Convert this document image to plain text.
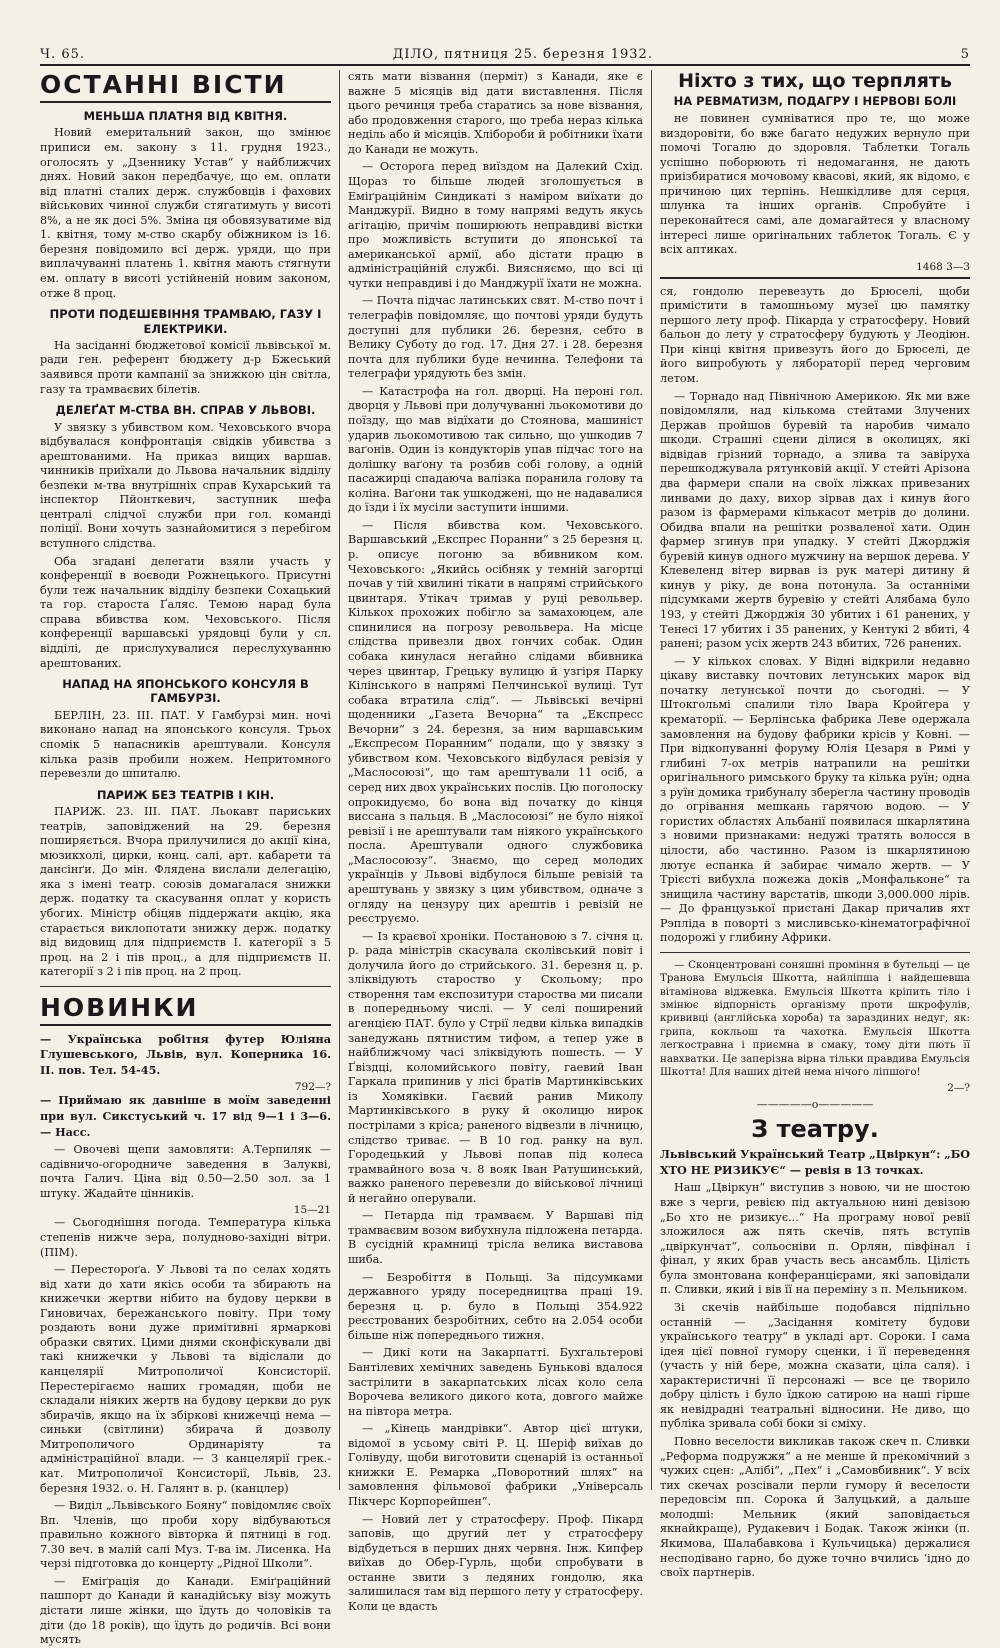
Ч. 65.	ДІЛО, пятниця 25. березня 1932.	5
ОСТАННІ ВІСТИ
МЕНЬША ПЛАТНЯ ВІД КВІТНЯ.

Новий емеритальний закон, що змінює приписи ем. закону з 11. грудня 1923., оголосять у „Дзеннику Устав“ у найближчих днях. Новий закон передбачує, що ем. оплати від платні сталих держ. службовців і фахових військових чинної служби стягатимуть у висоті 8%, а не як досі 5%. Зміна ця обовязуватиме від 1. квітня, тому м-ство скарбу обіжником із 16. березня повідомило всі держ. уряди, що при виплачуванні платень 1. квітня мають стягнути ем. оплату в висоті устійненій новим законом, отже 8 проц.

ПРОТИ ПОДЕШЕВІННЯ ТРАМВАЮ, ГАЗУ І ЕЛЕКТРИКИ.

На засіданні бюджетової комісії львівської м. ради ген. референт бюджету д-р Бжеський заявився проти кампанії за знижкою цін світла, газу та трамваєвих білетів.

ДЕЛЕҐАТ М-СТВА ВН. СПРАВ У ЛЬВОВІ.

У звязку з убивством ком. Чеховського вчора відбувалася конфронтація свідків убивства з арештованими. На приказ вищих варшав. чинників приїхали до Львова начальник відділу безпеки м-тва внутрішніх справ Кухарський та інспектор Пйонткевич, заступник шефа централі слідчої служби при гол. команді поліції. Вони хочуть зазнайомитися з перебігом вступного слідства.

Оба згадані делегати взяли участь у конференції в воєводи Рожнецького. Присутні були теж начальник відділу безпеки Сохацький та гор. староста Ґаляс. Темою нарад була справа вбивства ком. Чеховського. Після конференції варшавські урядовці були у сл. відділі, де приcлухувалися переслухуванню арештованих.

НАПАД НА ЯПОНСЬКОГО КОНСУЛЯ В ГАМБУРЗІ.

БЕРЛІН, 23. III. ПАТ. У Гамбурзі мин. ночі виконано напад на японського консуля. Трьох спомік 5 напасників арештували. Консуля кілька разів пробили ножем. Непритомного перевезли до шпиталю.

ПАРИЖ БЕЗ ТЕАТРІВ І КІН.

ПАРИЖ. 23. III. ПАТ. Льокавт париських театрів, заповіджений на 29. березня поширяється. Вчора прилучилися до акції кіна, мюзикхолі, цирки, конц. салі, арт. кабарети та дансінґи. До мін. Флядена вислали делегацію, яка з імені театр. союзів домагалася знижки держ. податку та скасування оплат у користь убогих. Міністр обіцяв піддержати акцію, яка старається виклопотати знижку держ. податку від видовищ для підприємств І. категорії з 5 проц. на 2 і пів проц., а для підприємств ІІ. категорії з 2 і пів проц. на 2 проц.

НОВИНКИ

— Українська робітня футер Юліяна Глушевського, Львів, вул. Коперника 16. ІІ. пов. Тел. 54-45.

792—?

— Приймаю як давніше в моїм заведенні при вул. Сикстуський ч. 17 від 9—1 і 3—6. — Насс.

— Овочеві щепи замовляти: А.Терпиляк — садівничо-огородниче заведення в Залукві, почта Галич. Ціна від 0.50—2.50 зол. за 1 штуку. Жадайте цінників.

15—21

— Сьогоднішня погода. Температура кілька степенів нижче зера, полудново-західні вітри. (ПІМ).

— Перестороґа. У Львові та по селах ходять від хати до хати якісь особи та збирають на книжечки жертви нібито на будову церкви в Гиновичах, бережанського повіту. При тому роздають вони дуже примітивні ярмаркові образки святих. Цими днями сконфіскували дві такі книжечки у Львові та відіслали до канцелярії Митрополичої Консисторії. Перестерігаємо наших громадян, щоби не складали ніяких жертв на будову церкви до рук збирачів, якщо на їх збіркові книжечці нема — синьки (світлини) збирача й дозволу Митрополичого Ординаріяту та адміністраційної влади. — З канцелярії грек.-кат. Митрополичої Консисторії, Львів, 23. березня 1932. о. Н. Галянт в. р. (канцлер)

— Виділ „Львівського Бояну“ повідомляє своїх Вп. Членів, що проби хору відбуваються правильно кожного вівторка й пятниці в год. 7.30 веч. в малій салі Муз. Т-ва ім. Лисенка. На черзі підготовка до концерту „Рідної Школи“.

— Еміґрація до Канади. Еміґраційний пашпорт до Канади й канадійську візу можуть дістати лише жінки, що їдуть до чоловіків та діти (до 18 років), що їдуть до родичів. Всі вони мусять

сять мати візвання (перміт) з Канади, яке є важне 5 місяців від дати виставлення. Після цього речинця треба старатись за нове візвання, або продовження старого, що треба нераз кілька неділь або й місяців. Хлібороби й робітники їхати до Канади не можуть.

— Осторога перед виїздом на Далекий Схід. Щораз то більше людей зголошується в Еміґраційнім Синдикаті з наміром виїхати до Манджурії. Видно в тому напрямі ведуть якусь агітацію, причім поширюють неправдиві вістки про можливість вступити до японської та американської армії, або дістати працю в адміністраційній службі. Виясняємо, що всі ці чутки неправдиві і до Манджурії їхати не можна.

— Почта підчас латинських свят. М-ство почт і телеграфів повідомляє, що почтові уряди будуть доступні для публики 26. березня, себто в Велику Суботу до год. 17. Дня 27. і 28. березня почта для публики буде нечинна. Телефони та телеграфи урядують без змін.

— Катастрофа на гол. дворці. На пероні гол. дворця у Львові при долучуванні льокомотиви до поїзду, що мав відїхати до Стоянова, машиніст ударив льокомотивою так сильно, що ушкодив 7 ваґонів. Один із кондукторів упав підчас того на долішку ваґону та розбив собі голову, а одній пасажирці спадаюча валізка поранила голову та коліна. Ваґони так ушкоджені, що не надавалися до їзди і їх мусіли заступити іншими.

— Після вбивства ком. Чеховського. Варшавський „Експрес Поранни“ з 25 березня ц. р. описує погоню за вбивником ком. Чеховського: „Якийсь осібняк у темній загортці почав у тій хвилині тікати в напрямі стрийського цвинтаря. Утікач тримав у руці револьвер. Кількох прохожих побігло за замахоюцем, але спинилися на погрозу револьвера. На місце слідства привезли двох гончих собак. Один собака кинулася негайно слідами вбивника через цвинтар, Грецьку вулицю й узгіря Парку Кілінського в напрямі Пелчинської вулиці. Тут собака втратила слід“. — Львівські вечірні щоденники „Газета Вечорна“ та „Експресс Вечорни“ з 24. березня, за ним варшавським „Експресом Поранним“ подали, що у звязку з убивством ком. Чеховського відбулася ревізія у „Маслосоюзі“, що там арештували 11 осіб, а серед них двох українських послів. Цю поголоску опрокидуємо, бо вона від початку до кінця виссана з пальця. В „Маслосоюзі“ не було ніякої ревізії і не арештували там ніякого українського посла. Арештували одного службовика „Маслосоюзу“. Знаємо, що серед молодих українців у Львові відбулося більше ревізій та арештувань у звязку з цим убивством, одначе з огляду на цензуру цих арештів і ревізій не реєструємо.

— Із краєвої хроніки. Постановою з 7. січня ц. р. рада міністрів скасувала сколівський повіт і долучила його до стрийського. 31. березня ц. р. зліквідують староство у Скольому; про створення там експозитури староства ми писали в попередньому числі. — У селі поширений агенцією ПАТ. було у Стрії ледви кілька випадків занедужань пятнистим тифом, а тепер уже в найближчому часі зліквідують пошесть. — У Ґвіздці, коломийського повіту, гаевий Іван Гаркала припинив у лісі братів Мартинківських із Хомяківки. Гаєвий ранив Миколу Мартинківського в руку й околицю нирок пострілами з кріса; раненого відвезли в лічницю, слідство триває. — В 10 год. ранку на вул. Городецький у Львові попав під колеса трамвайного воза ч. 8 вояк Іван Ратушинський, важко раненого перевезли до військової лічниці й негайно оперували.

— Петарда під трамваєм. У Варшаві під трамваєвим возом вибухнула підложена петарда. В сусідній крамниці тріслa велика виставова шиба.

— Безробіття в Польщі. За підсумками державного уряду посередництва праці 19. березня ц. р. було в Польщі 354.922 реєстрованих безробітних, себто на 2.054 особи більше ніж попереднього тижня.

— Дикі коти на Закарпатті. Бухгальтерові Бантілевих хемічних заведень Буньковi вдалося застрілити в закарпатських лісах коло села Ворочева великого дикого кота, довгого майже на півтора метра.

— „Кінець мандрівки“. Автор цієї штуки, відомої в усьому світі Р. Ц. Шеріф виїхав до Голівуду, щоби виготовити сценарій із останньої книжки Е. Ремарка „Поворотний шлях“ на замовлення фільмової фабрики „Універсаль Пікчерс Корпорейшен“.

— Новий лет у стратосферу. Проф. Пікард заповів, що другий лет у стратосферу відбудеться в перших днях червня. Інж. Кипфер виїхав до Обер-Гурль, щоби спробувати в останне звити з ледяних гондолю, яка залишилася там від першого лету у стратосферу. Коли це вдасть

Ніхто з тих, що терплять
НА РЕВМАТИЗМ, ПОДАГРУ І НЕРВОВІ БОЛІ

не повинен сумніватися про те, що може виздоровіти, бо вже багато недужих вернуло при помочі Тогалю до здоровля. Таблетки Тогаль успішно поборюють ті недомагання, не дають приізбиратися мочовому квасові, який, як відомо, є причиною цих терпінь. Нешкідливе для серця, шлунка та інших органів. Спробуйте і переконайтеся самі, але домагайтеся у власному інтересі лише оригінальних таблеток Тогаль. Є у всіх аптиках.

1468 3—3

ся, гондолю перевезуть до Брюселі, щоби примістити в тамошньому музеї цю памятку першого лету проф. Пікарда у стратосферу. Новий бальон до лету у стратосферу будують у Леодіюн. При кінці квітня привезуть його до Брюселі, де його випробують у ляборaторії перед черговим летом.

— Торнадо над Північною Америкою. Як ми вже повідомляли, над кількома стейтами Злучених Держав пройшов буревій та нaробив чимало шкоди. Страшні сцени ділися в околицях, які відвідав грізний торнадо, а злива та завіруха перешкоджувала рятунковій акції. У стейті Арізона два фармери спали на своїх ліжках привезаних линвами до даху, вихор зірвав дах і кинув його разом із фармерами кількасот метрів до долини. Обидва впали на решітки розваленої хати. Один фармер згинув при упадку. У стейті Джорджія буревій кинув одного мужчину на вершок дерева. У Клевеленд вітер вирвав із рук матері дитину й кинув у ріку, де вона потонула. За останніми підсумками жертв буревію у стейті Алябама було 193, у стейті Джорджія 30 убитих і 61 ранених, у Тенесі 17 убитих і 35 ранених, у Кентукі 2 вбиті, 4 ранені; разом усіх жертв 243 вбитих, 726 ранених.

— У кількох словах. У Відні відкрили недавно цікаву виставку почтових летунських марок від початку летунської почти до сьогодні. — У Штокгольмі спалили тіло Івара Кройгера у крематорії. — Берлінська фабрика Леве одержала замовлення на будову фабрики крісів у Ковні. — При відкопуванні форуму Юлія Цезаря в Римі у глибині 7-ох метрів натрапили на решітки оригінального римського бруку та кілька руїн; одна з руїн домика трибуналу зберегла частину проводів до огрівання мешкань гарячою водою. — У гористих областях Альбанії появилася шкарлятина з новими признаками: недужі тратять волосся в цілости, або частинно. Разом із шкарлятиною лютує еспанка й забирає чимало жертв. — У Трiєсті вибухла пожежа доків „Монфальконе“ та знищила частину варстатів, шкоди 3,000.000 лірів. — До французької пристані Дакар причалив яхт Рэпліда в поворті з мисливсько-кінематографічної подорожі у глибину Африки.

— Сконцентровані соняшні проміння в бутельці — це Транова Емульсія Шкотта, найліпша і найдешевша вітамінова віджевка. Емульсія Шкотта кріпить тіло і змінює відпорність організму проти шкрофулів, крививці (англійська хороба) та зараздиних недуг, як: грипа, кокльош та чахотка. Емульсія Шкотта легкостравна і приємна в смаку, тому діти пють її навхватки. Це заперізна вірна тільки правдива Емульсія Шкотта! Для наших дітей нема нічого ліпшого!

2—?
—————o—————
З театру.

Львівський Український Театр „Цвіркун“: „БО ХТО НЕ РИЗИКУЄ“ — ревія в 13 точках.

Наш „Цвіркун“ виступив з новою, чи не шостою вже з черги, ревією під актуальною нині девізою „Бо хто не ризикує...“ На програму нової ревії зложилося аж пять скечів, пять вступів „цвіркунчат“, сольосніви п. Орлян, півфінал і фінал, у яких брав участь весь ансамбль. Цілість була змонтована конферанцієрами, які заповідали п. Сливки, який і вів її на переміну з п. Мельником.

Зі скечів найбільше подобався підпільно останній — „Засідання комітету будови українського театру“ в укладі арт. Сороки. І сама ідея цієї повної гумору сценки, і її переведення (участь у ній бере, можна сказати, ціла саля). і характеристичні її персонажі — все це творило добру цілість і було їдкою сатирою на наші гірше як невідрадні театральні відносини. Не диво, що публіка зривала собі боки зі сміху.

Повно веселости викликав також скеч п. Сливки „Реформа подружжя“ а не менше й прекомічний з чужих сцен: „Алібі“, „Пех“ і „Самовбивник“. У всіх тих скечах розсівали перли гумору й веселости передовсім пп. Сорока й Залуцький, а дальше молодші: Мельник (який заповідається якнайкраще), Рудакевич і Бодак. Також жінки (п. Якимова, Шалабавкова і Кульчицька) держалися несподівано гарно, бо дуже точно вчились ‘ідно до своїх партнерів.
